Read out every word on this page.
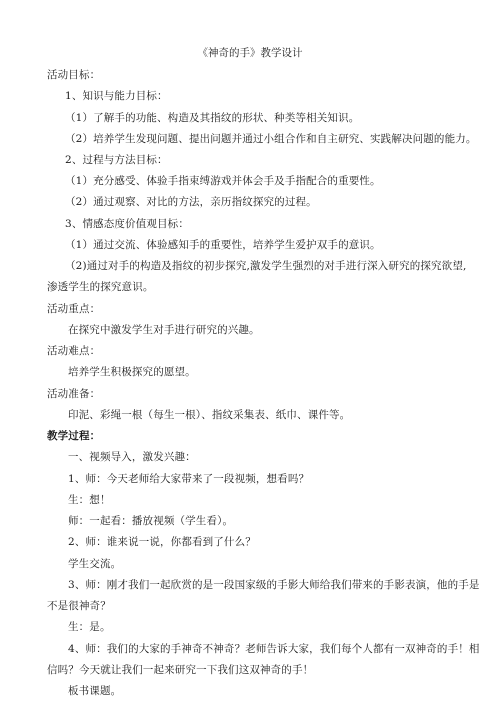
《神奇的手》教学设计
活动目标：
1、知识与能力目标：
（1）了解手的功能、构造及其指纹的形状、种类等相关知识。
（2）培养学生发现问题、提出问题并通过小组合作和自主研究、实践解决问题的能力。
2、过程与方法目标：
（1）充分感受、体验手指束缚游戏并体会手及手指配合的重要性。
（2）通过观察、对比的方法，亲历指纹探究的过程。
3、情感态度价值观目标：
（1）通过交流、体验感知手的重要性，培养学生爱护双手的意识。
（2)通过对手的构造及指纹的初步探究,激发学生强烈的对手进行深入研究的探究欲望,
渗透学生的探究意识。
活动重点：
在探究中激发学生对手进行研究的兴趣。
活动难点：
培养学生积极探究的愿望。
活动准备：
印泥、彩绳一根（每生一根）、指纹采集表、纸巾、课件等。
教学过程：
一、视频导入，激发兴趣：
1、师：今天老师给大家带来了一段视频，想看吗？
生：想！
师：一起看：播放视频（学生看）。
2、师：谁来说一说，你都看到了什么？
学生交流。
3、师：刚才我们一起欣赏的是一段国家级的手影大师给我们带来的手影表演，他的手是
不是很神奇？
生：是。
4、师：我们的大家的手神奇不神奇？老师告诉大家，我们每个人都有一双神奇的手！相
信吗？今天就让我们一起来研究一下我们这双神奇的手！
板书课题。
